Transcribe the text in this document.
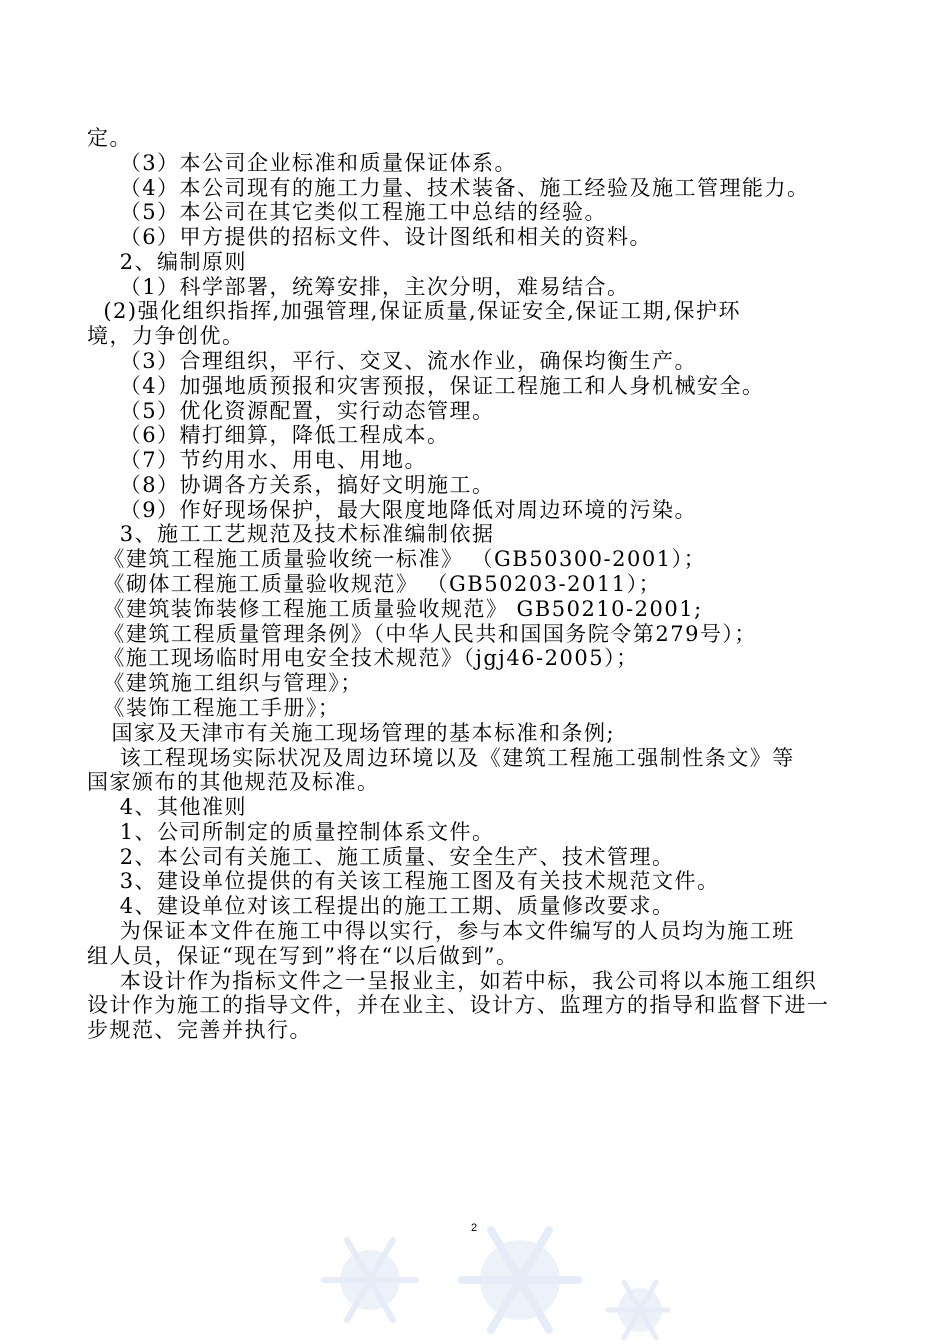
定。
（3）本公司企业标准和质量保证体系。
（4）本公司现有的施工力量、技术装备、施工经验及施工管理能力。
（5）本公司在其它类似工程施工中总结的经验。
（6）甲方提供的招标文件、设计图纸和相关的资料。
2、编制原则
（1）科学部署，统筹安排，主次分明，难易结合。
(2)强化组织指挥,加强管理,保证质量,保证安全,保证工期,保护环
境，力争创优。
（3）合理组织，平行、交叉、流水作业，确保均衡生产。
（4）加强地质预报和灾害预报，保证工程施工和人身机械安全。
（5）优化资源配置，实行动态管理。
（6）精打细算，降低工程成本。
（7）节约用水、用电、用地。
（8）协调各方关系，搞好文明施工。
（9）作好现场保护，最大限度地降低对周边环境的污染。
3、施工工艺规范及技术标准编制依据
《建筑工程施工质量验收统一标准》 （GB50300-2001）；
《砌体工程施工质量验收规范》 （GB50203-2011）；
《建筑装饰装修工程施工质量验收规范》 GB50210-2001;
《建筑工程质量管理条例》（中华人民共和国国务院令第279号）；
《施工现场临时用电安全技术规范》（jgj46-2005）；
《建筑施工组织与管理》；
《装饰工程施工手册》；
国家及天津市有关施工现场管理的基本标准和条例;
该工程现场实际状况及周边环境以及《建筑工程施工强制性条文》等
国家颁布的其他规范及标准。
4、其他准则
1、公司所制定的质量控制体系文件。
2、本公司有关施工、施工质量、安全生产、技术管理。
3、建设单位提供的有关该工程施工图及有关技术规范文件。
4、建设单位对该工程提出的施工工期、质量修改要求。
为保证本文件在施工中得以实行，参与本文件编写的人员均为施工班
组人员，保证“现在写到”将在“以后做到”。
本设计作为指标文件之一呈报业主，如若中标，我公司将以本施工组织
设计作为施工的指导文件，并在业主、设计方、监理方的指导和监督下进一
步规范、完善并执行。
2
